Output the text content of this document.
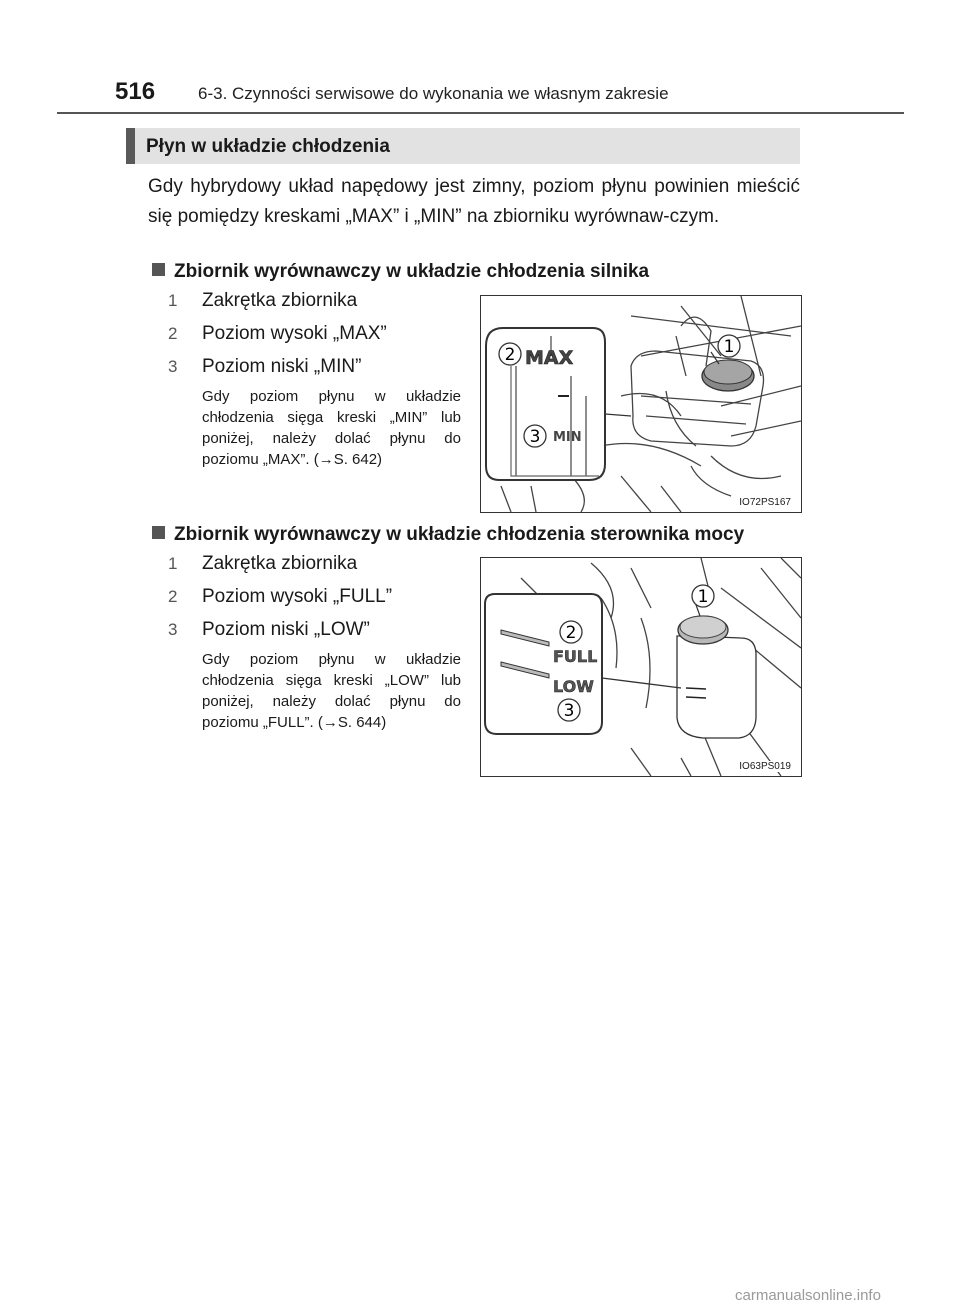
516	6-3. Czynności serwisowe do wykonania we własnym zakresie
Płyn w układzie chłodzenia
Gdy hybrydowy układ napędowy jest zimny, poziom płynu powinien mieścić się pomiędzy kreskami „MAX” i „MIN” na zbiorniku wyrównaw-czym.
Zbiornik wyrównawczy w układzie chłodzenia silnika
1 Zakrętka zbiornika
2 Poziom wysoki „MAX”
3 Poziom niski „MIN”
Gdy poziom płynu w układzie chłodzenia sięga kreski „MIN” lub poniżej, należy dolać płynu do poziomu „MAX”. (→S. 642)
MAX
MIN
1
2
3
IO72PS167
Zbiornik wyrównawczy w układzie chłodzenia sterownika mocy
1 Zakrętka zbiornika
2 Poziom wysoki „FULL”
3 Poziom niski „LOW”
Gdy poziom płynu w układzie chłodzenia sięga kreski „LOW” lub poniżej, należy dolać płynu do poziomu „FULL”. (→S. 644)
FULL
LOW
1
2
3
IO63PS019
carmanualsonline.info
